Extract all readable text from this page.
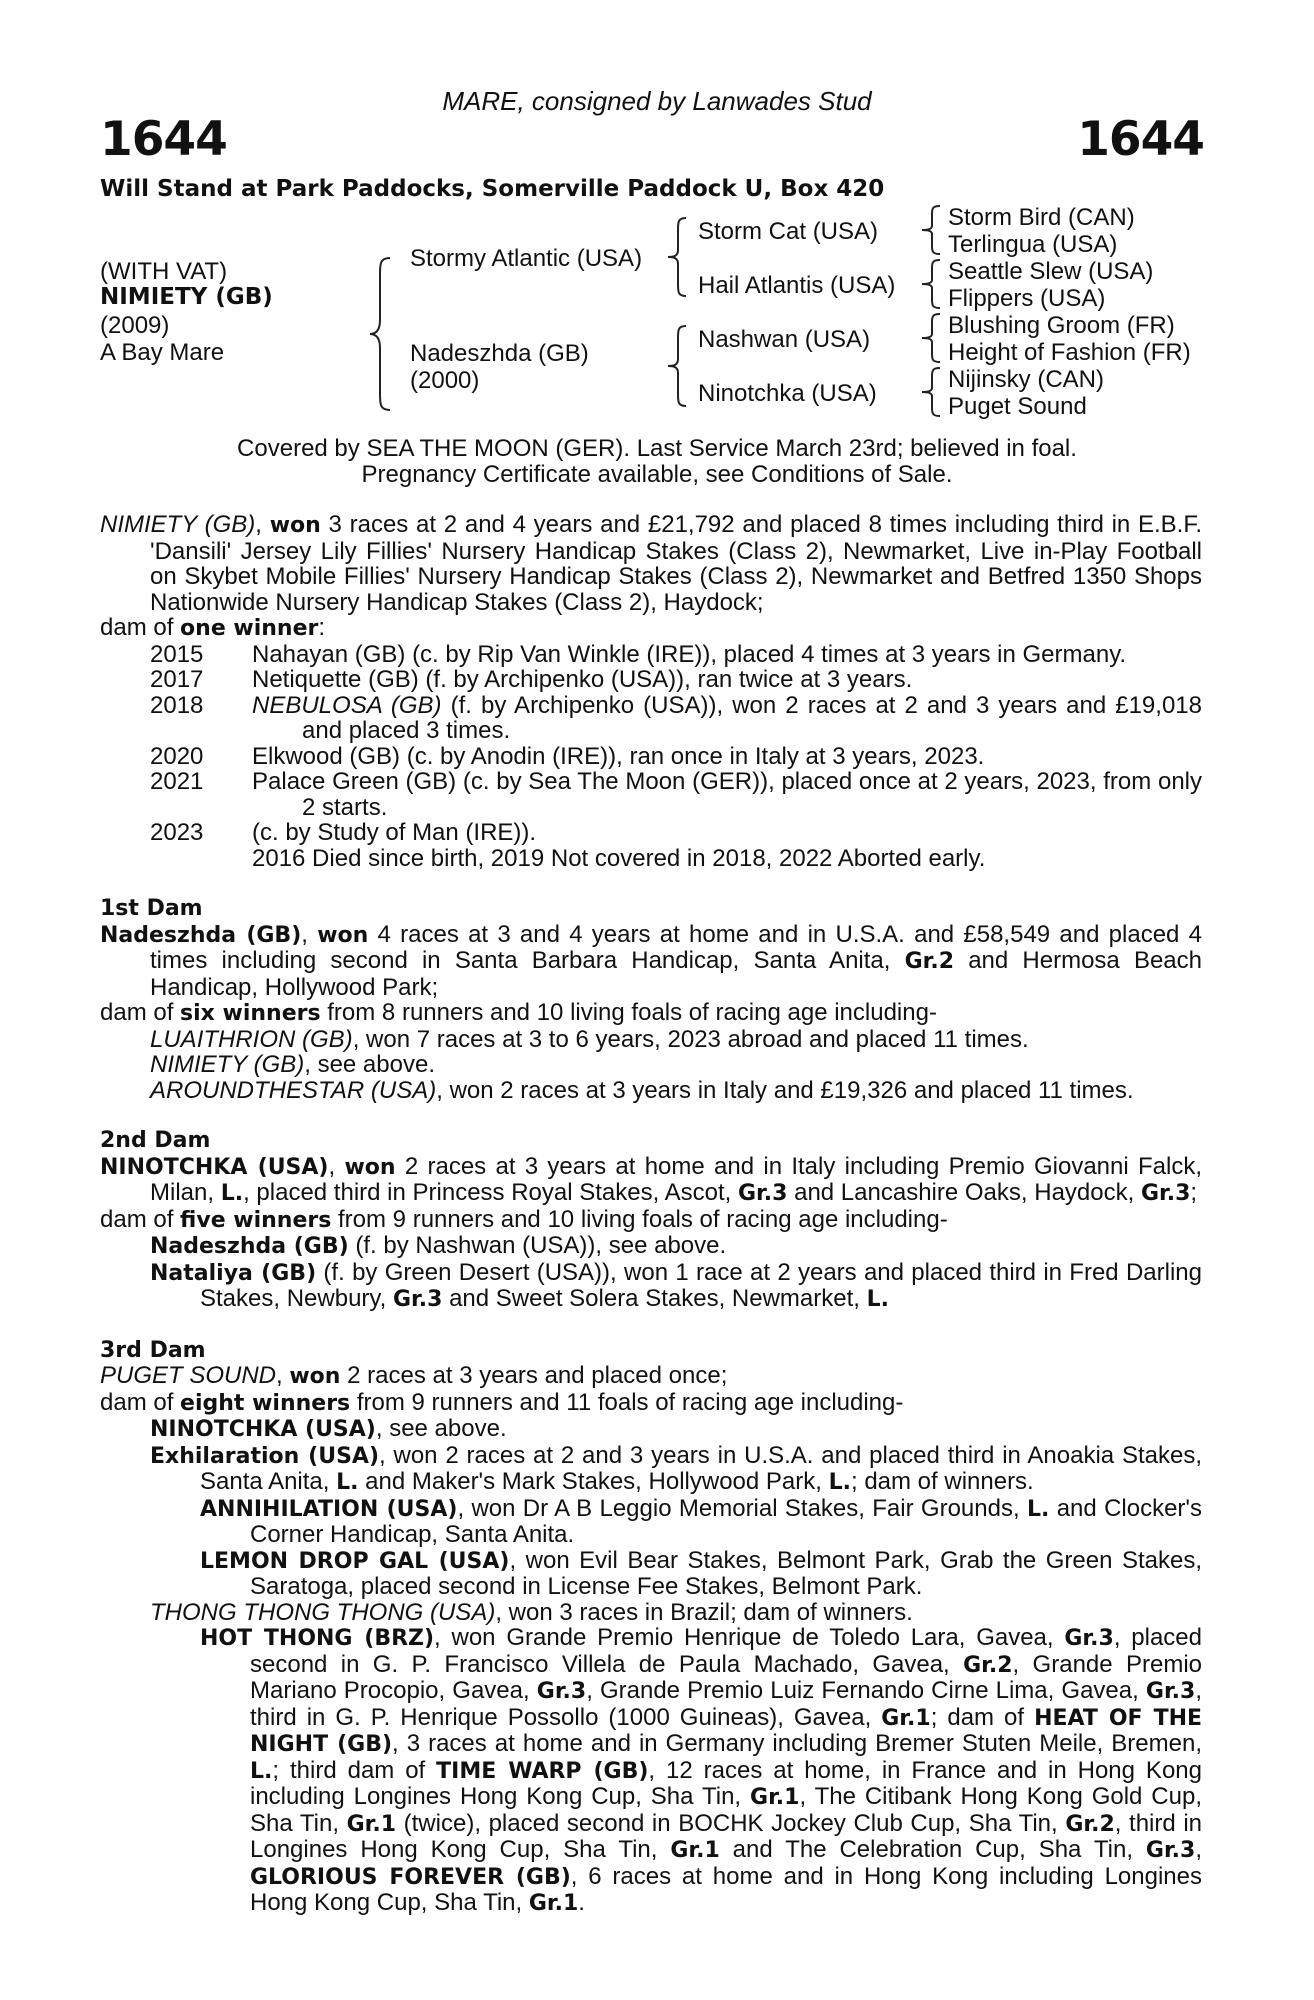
MARE, consigned by Lanwades Stud
1644	1644
Will Stand at Park Paddocks, Somerville Paddock U, Box 420
(WITH VAT)
NIMIETY (GB)
(2009)
A Bay Mare
Stormy Atlantic (USA)
Nadeszhda (GB)
(2000)
Storm Cat (USA)
Hail Atlantis (USA)
Nashwan (USA)
Ninotchka (USA)
Storm Bird (CAN)
Terlingua (USA)
Seattle Slew (USA)
Flippers (USA)
Blushing Groom (FR)
Height of Fashion (FR)
Nijinsky (CAN)
Puget Sound
Covered by SEA THE MOON (GER). Last Service March 23rd; believed in foal.
Pregnancy Certificate available, see Conditions of Sale.

NIMIETY (GB), won 3 races at 2 and 4 years and £21,792 and placed 8 times including third in E.B.F. 'Dansili' Jersey Lily Fillies' Nursery Handicap Stakes (Class 2), Newmarket, Live in-Play Football on Skybet Mobile Fillies' Nursery Handicap Stakes (Class 2), Newmarket and Betfred 1350 Shops Nationwide Nursery Handicap Stakes (Class 2), Haydock;

dam of one winner:

2015	Nahayan (GB) (c. by Rip Van Winkle (IRE)), placed 4 times at 3 years in Germany.
2017	Netiquette (GB) (f. by Archipenko (USA)), ran twice at 3 years.
2018	NEBULOSA (GB) (f. by Archipenko (USA)), won 2 races at 2 and 3 years and £19,018 and placed 3 times.
2020	Elkwood (GB) (c. by Anodin (IRE)), ran once in Italy at 3 years, 2023.
2021	Palace Green (GB) (c. by Sea The Moon (GER)), placed once at 2 years, 2023, from only 2 starts.
2023	(c. by Study of Man (IRE)).
2016 Died since birth, 2019 Not covered in 2018, 2022 Aborted early.

1st Dam

Nadeszhda (GB), won 4 races at 3 and 4 years at home and in U.S.A. and £58,549 and placed 4 times including second in Santa Barbara Handicap, Santa Anita, Gr.2 and Hermosa Beach Handicap, Hollywood Park;

dam of six winners from 8 runners and 10 living foals of racing age including-

LUAITHRION (GB), won 7 races at 3 to 6 years, 2023 abroad and placed 11 times.

NIMIETY (GB), see above.

AROUNDTHESTAR (USA), won 2 races at 3 years in Italy and £19,326 and placed 11 times.

2nd Dam

NINOTCHKA (USA), won 2 races at 3 years at home and in Italy including Premio Giovanni Falck, Milan, L., placed third in Princess Royal Stakes, Ascot, Gr.3 and Lancashire Oaks, Haydock, Gr.3;

dam of five winners from 9 runners and 10 living foals of racing age including-

Nadeszhda (GB) (f. by Nashwan (USA)), see above.

Nataliya (GB) (f. by Green Desert (USA)), won 1 race at 2 years and placed third in Fred Darling Stakes, Newbury, Gr.3 and Sweet Solera Stakes, Newmarket, L.

3rd Dam

PUGET SOUND, won 2 races at 3 years and placed once;

dam of eight winners from 9 runners and 11 foals of racing age including-

NINOTCHKA (USA), see above.

Exhilaration (USA), won 2 races at 2 and 3 years in U.S.A. and placed third in Anoakia Stakes, Santa Anita, L. and Maker's Mark Stakes, Hollywood Park, L.; dam of winners.

ANNIHILATION (USA), won Dr A B Leggio Memorial Stakes, Fair Grounds, L. and Clocker's Corner Handicap, Santa Anita.

LEMON DROP GAL (USA), won Evil Bear Stakes, Belmont Park, Grab the Green Stakes, Saratoga, placed second in License Fee Stakes, Belmont Park.

THONG THONG THONG (USA), won 3 races in Brazil; dam of winners.

HOT THONG (BRZ), won Grande Premio Henrique de Toledo Lara, Gavea, Gr.3, placed second in G. P. Francisco Villela de Paula Machado, Gavea, Gr.2, Grande Premio Mariano Procopio, Gavea, Gr.3, Grande Premio Luiz Fernando Cirne Lima, Gavea, Gr.3, third in G. P. Henrique Possollo (1000 Guineas), Gavea, Gr.1; dam of HEAT OF THE NIGHT (GB), 3 races at home and in Germany including Bremer Stuten Meile, Bremen, L.; third dam of TIME WARP (GB), 12 races at home, in France and in Hong Kong including Longines Hong Kong Cup, Sha Tin, Gr.1, The Citibank Hong Kong Gold Cup, Sha Tin, Gr.1 (twice), placed second in BOCHK Jockey Club Cup, Sha Tin, Gr.2, third in Longines Hong Kong Cup, Sha Tin, Gr.1 and The Celebration Cup, Sha Tin, Gr.3, GLORIOUS FOREVER (GB), 6 races at home and in Hong Kong including Longines Hong Kong Cup, Sha Tin, Gr.1.
